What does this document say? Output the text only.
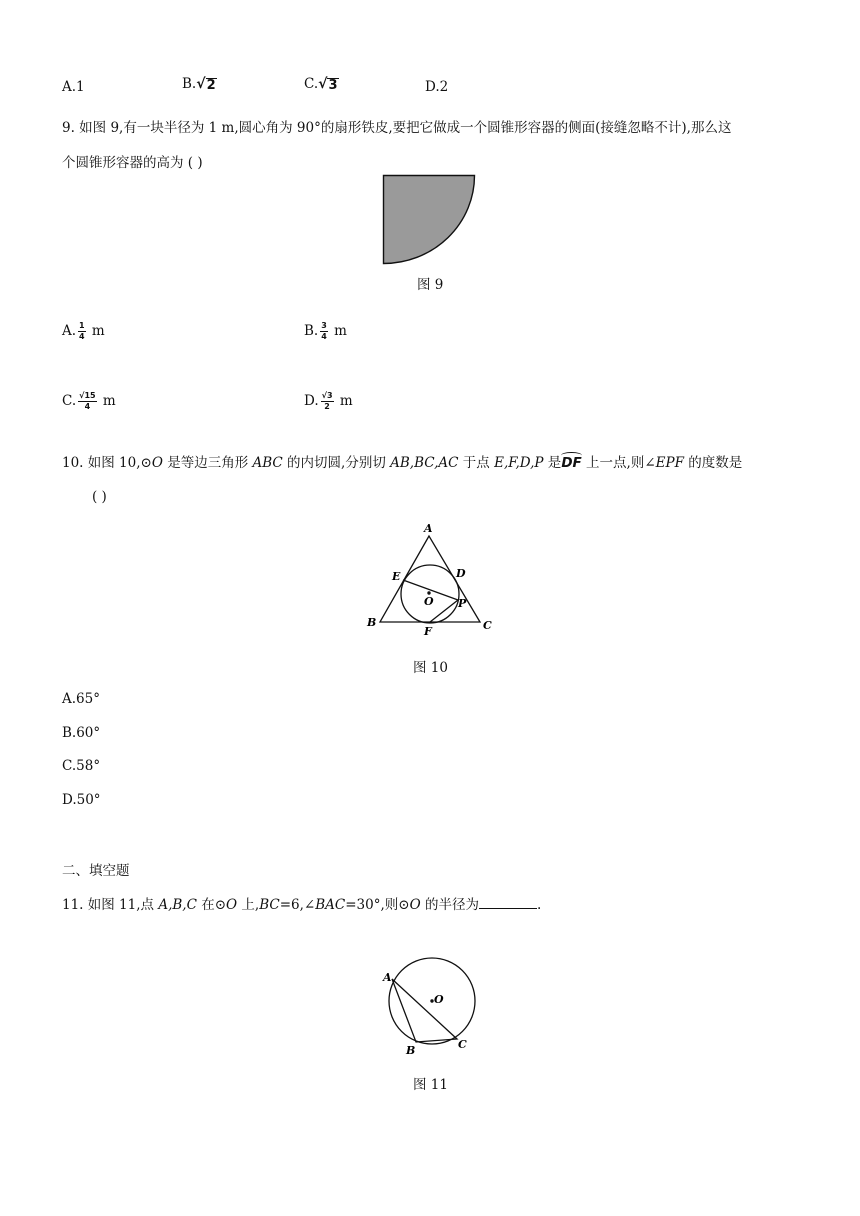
A.1	B. √ 2	C. √ 3	D.2
9. 如图 9,有一块半径为 1 m,圆心角为 90°的扇形铁皮,要把它做成一个圆锥形容器的侧面(接缝忽略不计),那么这
个圆锥形容器的高为 ( )
图 9
A. $\frac{1}{4}$ m	B. $\frac{3}{4}$ m
C. $\frac{√15}{4}$ m	D. $\frac{√3}{2}$ m
10. 如图 10,⊙O 是等边三角形 ABC 的内切圆,分别切 AB,BC,AC 于点 E,F,D,P 是DF 上一点,则∠EPF 的度数是
( )
A
B	C
D
E
F
O P
图 10
A.65°
B.60°
C.58°
D.50°
二、填空题
11. 如图 11,点 A,B,C 在⊙O 上,BC=6,∠BAC=30°,则⊙O 的半径为	.
A
B	C
O
图 11
